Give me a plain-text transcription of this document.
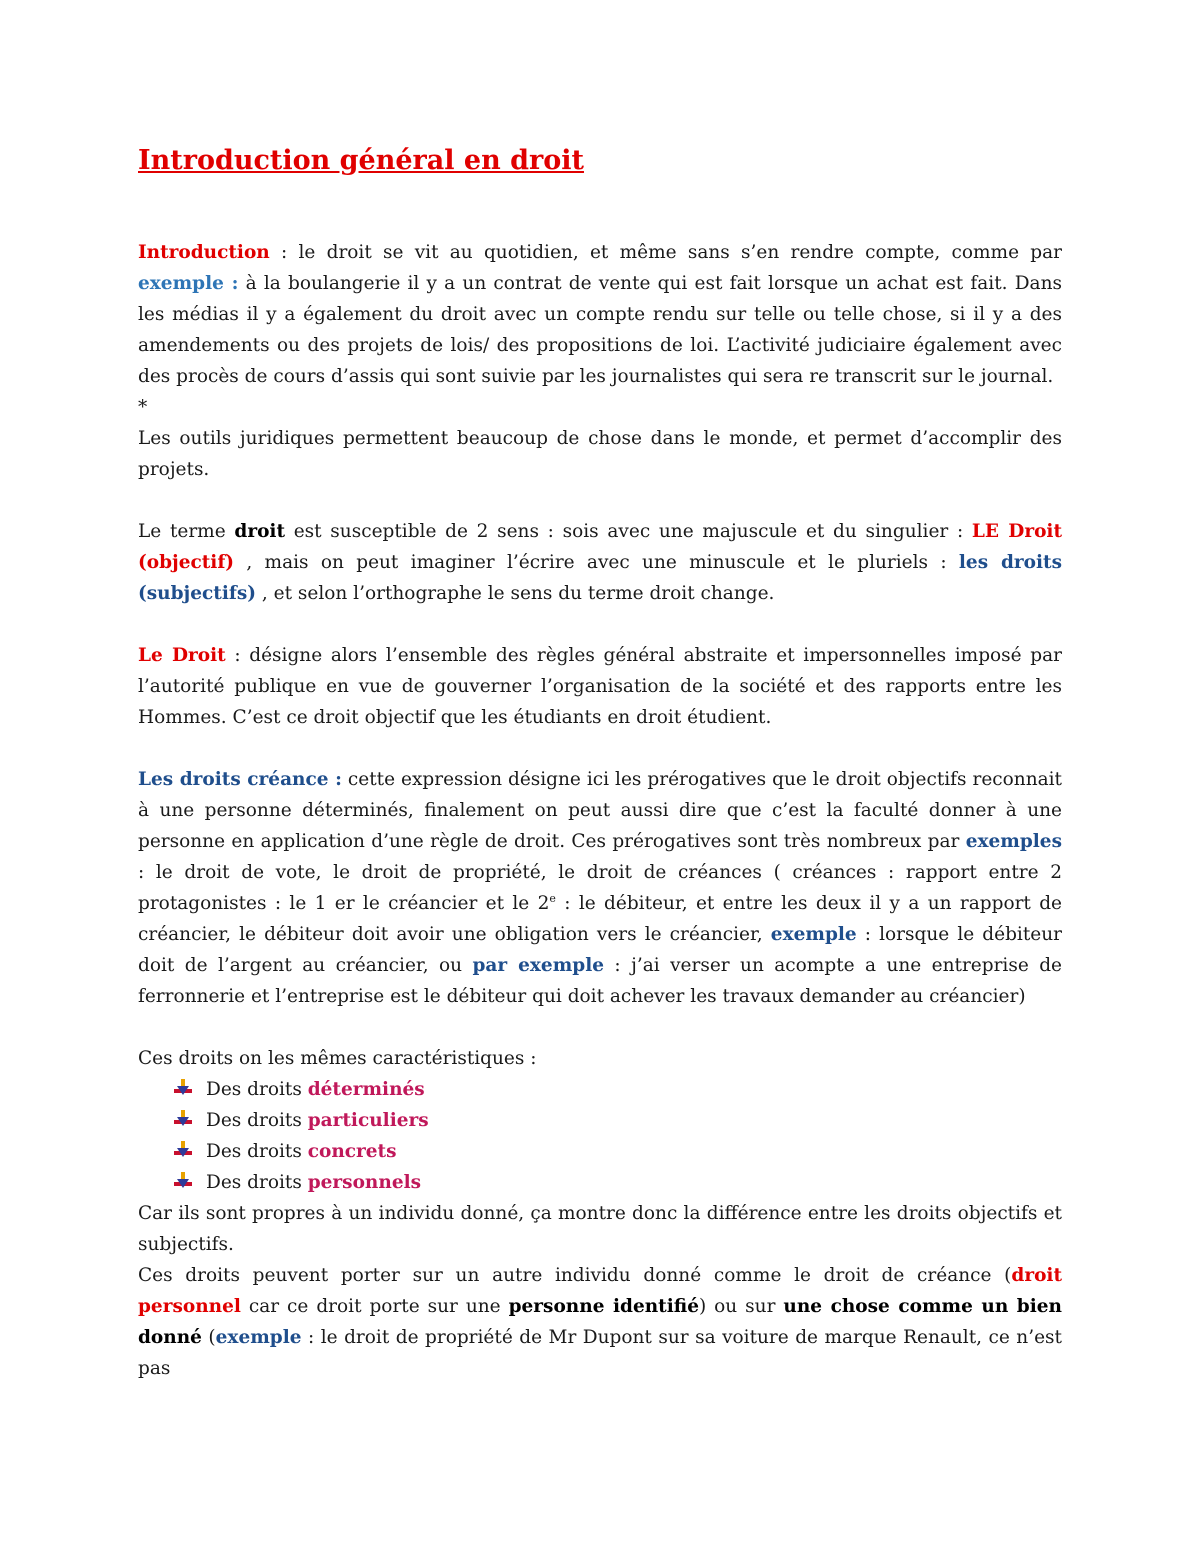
Introduction général en droit

Introduction : le droit se vit au quotidien, et même sans s’en rendre compte, comme par exemple : à la boulangerie il y a un contrat de vente qui est fait lorsque un achat est fait. Dans les médias il y a également du droit avec un compte rendu sur telle ou telle chose, si il y a des amendements ou des projets de lois/ des propositions de loi. L’activité judiciaire également avec des procès de cours d’assis qui sont suivie par les journalistes qui sera re transcrit sur le journal.

*

Les outils juridiques permettent beaucoup de chose dans le monde, et permet d’accomplir des projets.

Le terme droit est susceptible de 2 sens : sois avec une majuscule et du singulier : LE Droit (objectif) , mais on peut imaginer l’écrire avec une minuscule et le pluriels : les droits (subjectifs) , et selon l’orthographe le sens du terme droit change.

Le Droit : désigne alors l’ensemble des règles général abstraite et impersonnelles imposé par l’autorité publique en vue de gouverner l’organisation de la société et des rapports entre les Hommes. C’est ce droit objectif que les étudiants en droit étudient.

Les droits créance : cette expression désigne ici les prérogatives que le droit objectifs reconnait à une personne déterminés, finalement on peut aussi dire que c’est la faculté donner à une personne en application d’une règle de droit. Ces prérogatives sont très nombreux par exemples : le droit de vote, le droit de propriété, le droit de créances ( créances : rapport entre 2 protagonistes : le 1 er le créancier et le 2e : le débiteur, et entre les deux il y a un rapport de créancier, le débiteur doit avoir une obligation vers le créancier, exemple : lorsque le débiteur doit de l’argent au créancier, ou par exemple : j’ai verser un acompte a une entreprise de ferronnerie et l’entreprise est le débiteur qui doit achever les travaux demander au créancier)

Ces droits on les mêmes caractéristiques :

Des droits déterminés
Des droits particuliers
Des droits concrets
Des droits personnels

Car ils sont propres à un individu donné, ça montre donc la différence entre les droits objectifs et subjectifs.

Ces droits peuvent porter sur un autre individu donné comme le droit de créance (droit personnel car ce droit porte sur une personne identifié) ou sur une chose comme un bien donné (exemple : le droit de propriété de Mr Dupont sur sa voiture de marque Renault, ce n’est pas
